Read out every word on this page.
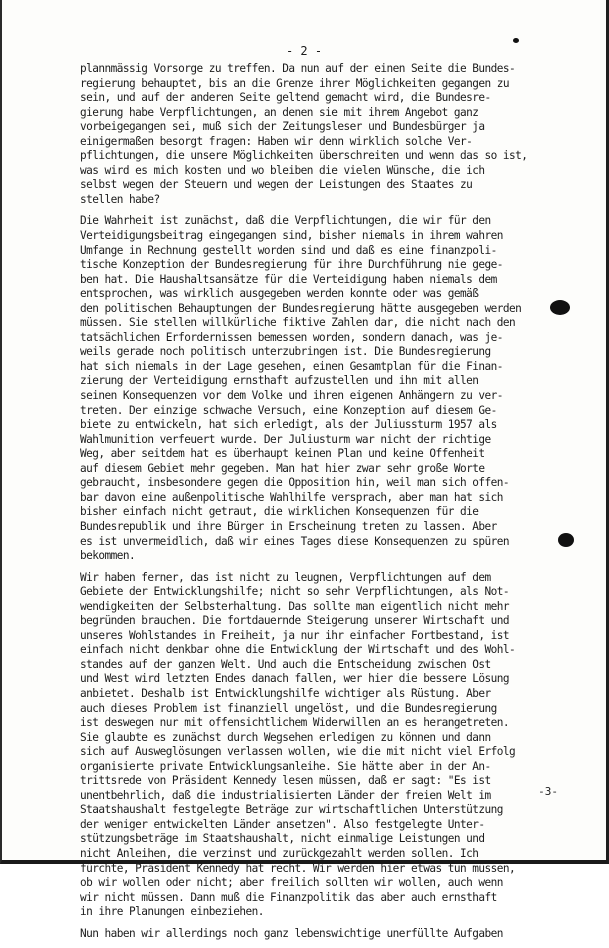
- 2 -
plannmässig Vorsorge zu treffen. Da nun auf der einen Seite die Bundes-
regierung behauptet, bis an die Grenze ihrer Möglichkeiten gegangen zu
sein, und auf der anderen Seite geltend gemacht wird, die Bundesre-
gierung habe Verpflichtungen, an denen sie mit ihrem Angebot ganz
vorbeigegangen sei, muß sich der Zeitungsleser und Bundesbürger ja
einigermaßen besorgt fragen: Haben wir denn wirklich solche Ver-
pflichtungen, die unsere Möglichkeiten überschreiten und wenn das so ist,
was wird es mich kosten und wo bleiben die vielen Wünsche, die ich
selbst wegen der Steuern und wegen der Leistungen des Staates zu
stellen habe?
Die Wahrheit ist zunächst, daß die Verpflichtungen, die wir für den
Verteidigungsbeitrag eingegangen sind, bisher niemals in ihrem wahren
Umfange in Rechnung gestellt worden sind und daß es eine finanzpoli-
tische Konzeption der Bundesregierung für ihre Durchführung nie gege-
ben hat. Die Haushaltsansätze für die Verteidigung haben niemals dem
entsprochen, was wirklich ausgegeben werden konnte oder was gemäß
den politischen Behauptungen der Bundesregierung hätte ausgegeben werden
müssen. Sie stellen willkürliche fiktive Zahlen dar, die nicht nach den
tatsächlichen Erfordernissen bemessen worden, sondern danach, was je-
weils gerade noch politisch unterzubringen ist. Die Bundesregierung
hat sich niemals in der Lage gesehen, einen Gesamtplan für die Finan-
zierung der Verteidigung ernsthaft aufzustellen und ihn mit allen
seinen Konsequenzen vor dem Volke und ihren eigenen Anhängern zu ver-
treten. Der einzige schwache Versuch, eine Konzeption auf diesem Ge-
biete zu entwickeln, hat sich erledigt, als der Juliussturm 1957 als
Wahlmunition verfeuert wurde. Der Juliusturm war nicht der richtige
Weg, aber seitdem hat es überhaupt keinen Plan und keine Offenheit
auf diesem Gebiet mehr gegeben. Man hat hier zwar sehr große Worte
gebraucht, insbesondere gegen die Opposition hin, weil man sich offen-
bar davon eine außenpolitische Wahlhilfe versprach, aber man hat sich
bisher einfach nicht getraut, die wirklichen Konsequenzen für die
Bundesrepublik und ihre Bürger in Erscheinung treten zu lassen. Aber
es ist unvermeidlich, daß wir eines Tages diese Konsequenzen zu spüren
bekommen.
Wir haben ferner, das ist nicht zu leugnen, Verpflichtungen auf dem
Gebiete der Entwicklungshilfe; nicht so sehr Verpflichtungen, als Not-
wendigkeiten der Selbsterhaltung. Das sollte man eigentlich nicht mehr
begründen brauchen. Die fortdauernde Steigerung unserer Wirtschaft und
unseres Wohlstandes in Freiheit, ja nur ihr einfacher Fortbestand, ist
einfach nicht denkbar ohne die Entwicklung der Wirtschaft und des Wohl-
standes auf der ganzen Welt. Und auch die Entscheidung zwischen Ost
und West wird letzten Endes danach fallen, wer hier die bessere Lösung
anbietet. Deshalb ist Entwicklungshilfe wichtiger als Rüstung. Aber
auch dieses Problem ist finanziell ungelöst, und die Bundesregierung
ist deswegen nur mit offensichtlichem Widerwillen an es herangetreten.
Sie glaubte es zunächst durch Wegsehen erledigen zu können und dann
sich auf Ausweglösungen verlassen wollen, wie die mit nicht viel Erfolg
organisierte private Entwicklungsanleihe. Sie hätte aber in der An-
trittsrede von Präsident Kennedy lesen müssen, daß er sagt: "Es ist
unentbehrlich, daß die industrialisierten Länder der freien Welt im
Staatshaushalt festgelegte Beträge zur wirtschaftlichen Unterstützung
der weniger entwickelten Länder ansetzen". Also festgelegte Unter-
stützungsbeträge im Staatshaushalt, nicht einmalige Leistungen und
nicht Anleihen, die verzinst und zurückgezahlt werden sollen. Ich
fürchte, Präsident Kennedy hat recht. Wir werden hier etwas tun müssen,
ob wir wollen oder nicht; aber freilich sollten wir wollen, auch wenn
wir nicht müssen. Dann muß die Finanzpolitik das aber auch ernsthaft
in ihre Planungen einbeziehen.
Nun haben wir allerdings noch ganz lebenswichtige unerfüllte Aufgaben
-3-
